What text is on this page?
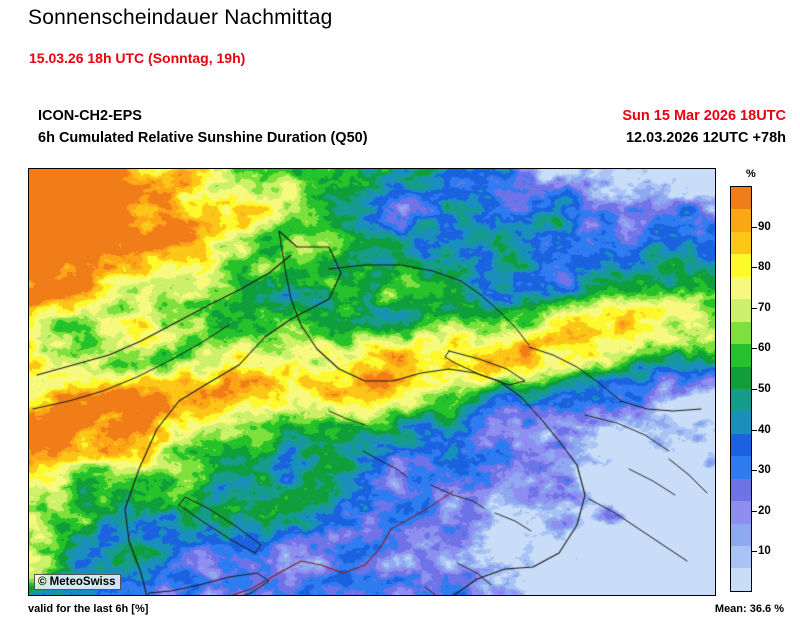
Sonnenscheindauer Nachmittag
15.03.26 18h UTC (Sonntag, 19h)
ICON-CH2-EPS
6h Cumulated Relative Sunshine Duration (Q50)
Sun 15 Mar 2026 18UTC
12.03.2026 12UTC +78h
© MeteoSwiss
valid for the last 6h [%]	Mean: 36.6 %
%
90
80
70
60
50
40
30
20
10
